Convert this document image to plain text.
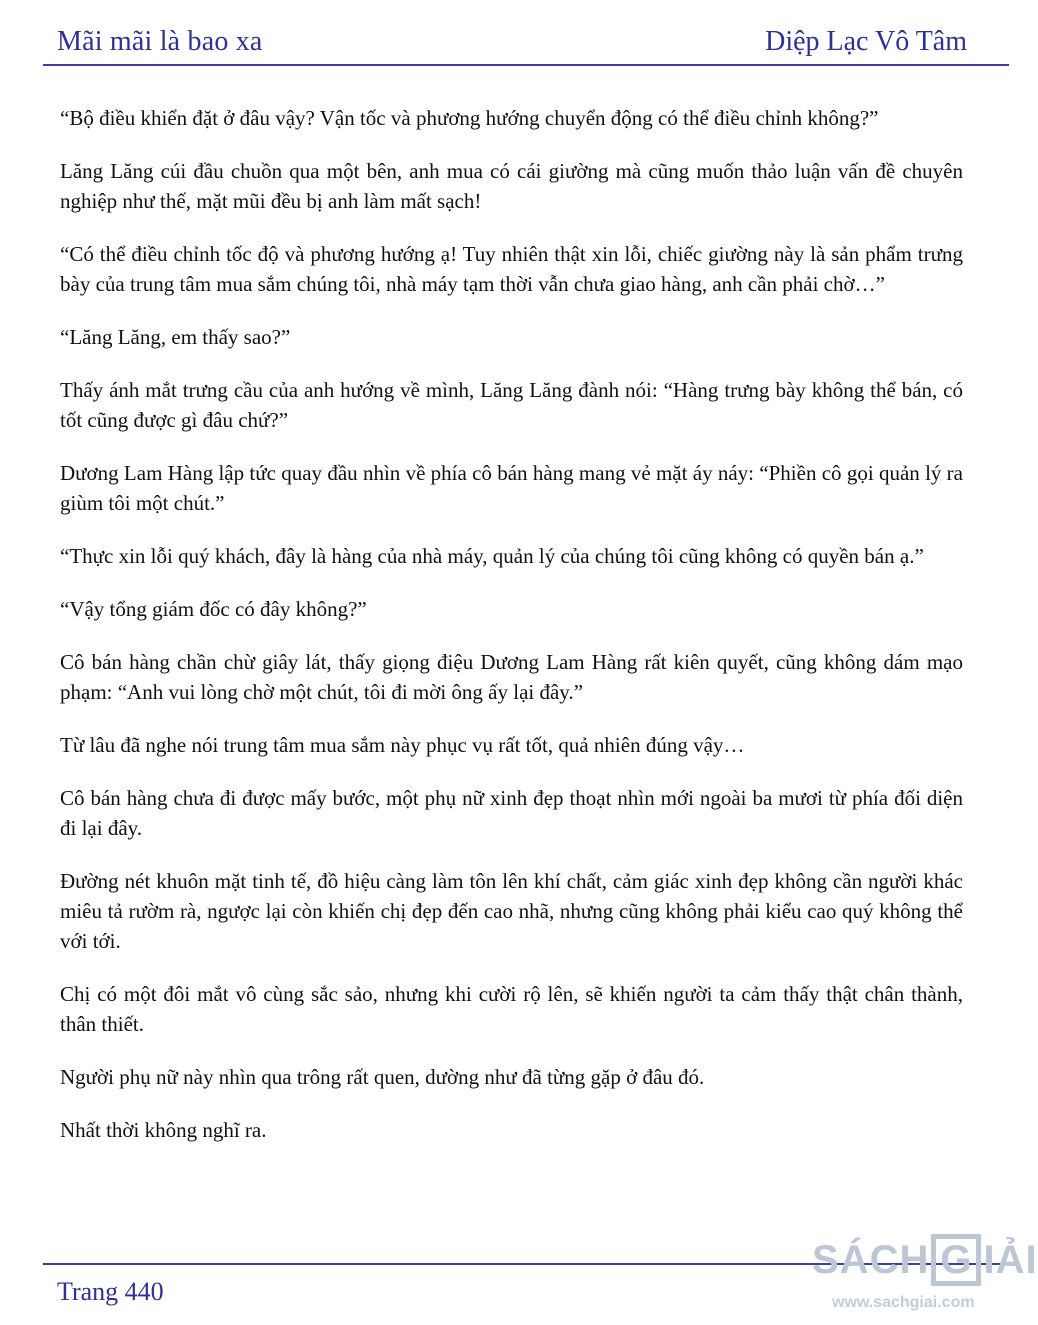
Mãi mãi là bao xa	Diệp Lạc Vô Tâm

“Bộ điều khiển đặt ở đâu vậy? Vận tốc và phương hướng chuyển động có thể điều chỉnh không?”

Lăng Lăng cúi đầu chuồn qua một bên, anh mua có cái giường mà cũng muốn thảo luận vấn đề chuyên nghiệp như thế, mặt mũi đều bị anh làm mất sạch!

“Có thể điều chỉnh tốc độ và phương hướng ạ! Tuy nhiên thật xin lỗi, chiếc giường này là sản phẩm trưng bày của trung tâm mua sắm chúng tôi, nhà máy tạm thời vẫn chưa giao hàng, anh cần phải chờ…”

“Lăng Lăng, em thấy sao?”

Thấy ánh mắt trưng cầu của anh hướng về mình, Lăng Lăng đành nói: “Hàng trưng bày không thể bán, có tốt cũng được gì đâu chứ?”

Dương Lam Hàng lập tức quay đầu nhìn về phía cô bán hàng mang vẻ mặt áy náy: “Phiền cô gọi quản lý ra giùm tôi một chút.”

“Thực xin lỗi quý khách, đây là hàng của nhà máy, quản lý của chúng tôi cũng không có quyền bán ạ.”

“Vậy tổng giám đốc có đây không?”

Cô bán hàng chần chừ giây lát, thấy giọng điệu Dương Lam Hàng rất kiên quyết, cũng không dám mạo phạm: “Anh vui lòng chờ một chút, tôi đi mời ông ấy lại đây.”

Từ lâu đã nghe nói trung tâm mua sắm này phục vụ rất tốt, quả nhiên đúng vậy…

Cô bán hàng chưa đi được mấy bước, một phụ nữ xinh đẹp thoạt nhìn mới ngoài ba mươi từ phía đối diện đi lại đây.

Đường nét khuôn mặt tinh tế, đồ hiệu càng làm tôn lên khí chất, cảm giác xinh đẹp không cần người khác miêu tả rườm rà, ngược lại còn khiến chị đẹp đến cao nhã, nhưng cũng không phải kiểu cao quý không thể với tới.

Chị có một đôi mắt vô cùng sắc sảo, nhưng khi cười rộ lên, sẽ khiến người ta cảm thấy thật chân thành, thân thiết.

Người phụ nữ này nhìn qua trông rất quen, dường như đã từng gặp ở đâu đó.

Nhất thời không nghĩ ra.

Trang 440
SÁCH G IẢI
www.sachgiai.com
